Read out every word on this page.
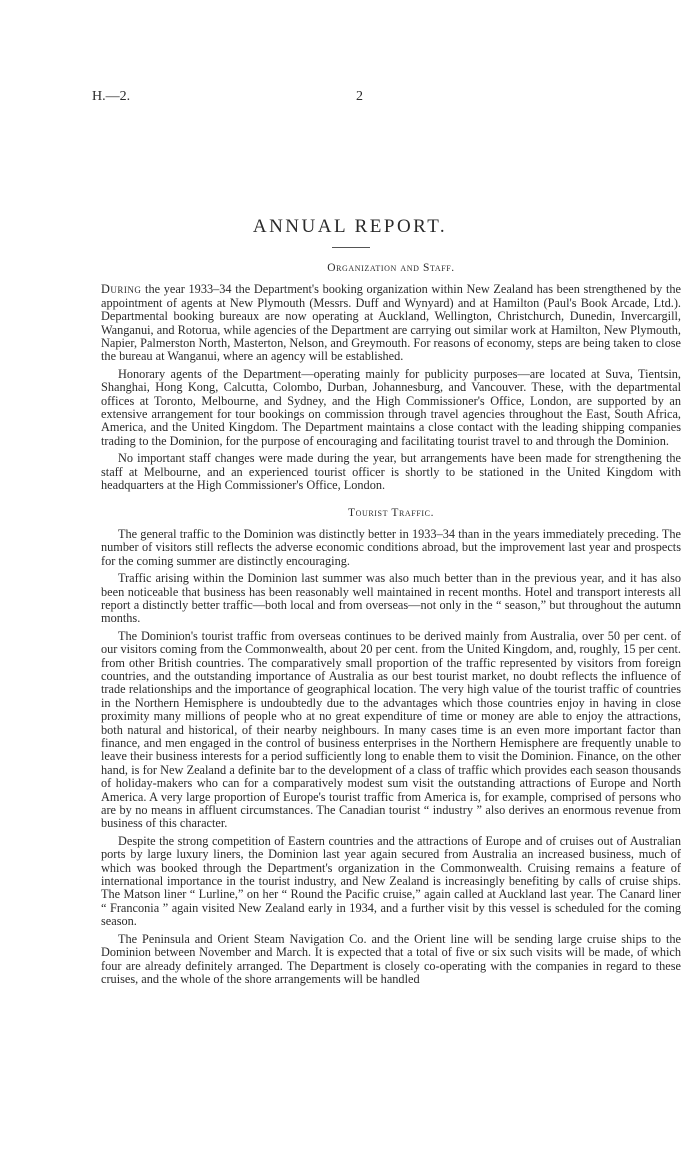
H.—2.	2
ANNUAL REPORT.
Organization and Staff.

During the year 1933–34 the Department's booking organization within New Zealand has been strengthened by the appointment of agents at New Plymouth (Messrs. Duff and Wynyard) and at Hamilton (Paul's Book Arcade, Ltd.). Departmental booking bureaux are now operating at Auckland, Wellington, Christchurch, Dunedin, Invercargill, Wanganui, and Rotorua, while agencies of the Department are carrying out similar work at Hamilton, New Plymouth, Napier, Palmerston North, Masterton, Nelson, and Greymouth. For reasons of economy, steps are being taken to close the bureau at Wanganui, where an agency will be established.

Honorary agents of the Department—operating mainly for publicity purposes—are located at Suva, Tientsin, Shanghai, Hong Kong, Calcutta, Colombo, Durban, Johannesburg, and Vancouver. These, with the departmental offices at Toronto, Melbourne, and Sydney, and the High Commissioner's Office, London, are supported by an extensive arrangement for tour bookings on commission through travel agencies throughout the East, South Africa, America, and the United Kingdom. The Department maintains a close contact with the leading shipping companies trading to the Dominion, for the purpose of encouraging and facilitating tourist travel to and through the Dominion.

No important staff changes were made during the year, but arrangements have been made for strengthening the staff at Melbourne, and an experienced tourist officer is shortly to be stationed in the United Kingdom with headquarters at the High Commissioner's Office, London.

Tourist Traffic.

The general traffic to the Dominion was distinctly better in 1933–34 than in the years immediately preceding. The number of visitors still reflects the adverse economic conditions abroad, but the improvement last year and prospects for the coming summer are distinctly encouraging.

Traffic arising within the Dominion last summer was also much better than in the previous year, and it has also been noticeable that business has been reasonably well maintained in recent months. Hotel and transport interests all report a distinctly better traffic—both local and from overseas—not only in the “ season,” but throughout the autumn months.

The Dominion's tourist traffic from overseas continues to be derived mainly from Australia, over 50 per cent. of our visitors coming from the Commonwealth, about 20 per cent. from the United Kingdom, and, roughly, 15 per cent. from other British countries. The comparatively small proportion of the traffic represented by visitors from foreign countries, and the outstanding importance of Australia as our best tourist market, no doubt reflects the influence of trade relationships and the importance of geographical location. The very high value of the tourist traffic of countries in the Northern Hemisphere is undoubtedly due to the advantages which those countries enjoy in having in close proximity many millions of people who at no great expenditure of time or money are able to enjoy the attractions, both natural and historical, of their nearby neighbours. In many cases time is an even more important factor than finance, and men engaged in the control of business enterprises in the Northern Hemisphere are frequently unable to leave their business interests for a period sufficiently long to enable them to visit the Dominion. Finance, on the other hand, is for New Zealand a definite bar to the development of a class of traffic which provides each season thousands of holiday-makers who can for a comparatively modest sum visit the outstanding attractions of Europe and North America. A very large proportion of Europe's tourist traffic from America is, for example, comprised of persons who are by no means in affluent circumstances. The Canadian tourist “ industry ” also derives an enormous revenue from business of this character.

Despite the strong competition of Eastern countries and the attractions of Europe and of cruises out of Australian ports by large luxury liners, the Dominion last year again secured from Australia an increased business, much of which was booked through the Department's organization in the Commonwealth. Cruising remains a feature of international importance in the tourist industry, and New Zealand is increasingly benefiting by calls of cruise ships. The Matson liner “ Lurline,” on her “ Round the Pacific cruise,” again called at Auckland last year. The Canard liner “ Franconia ” again visited New Zealand early in 1934, and a further visit by this vessel is scheduled for the coming season.

The Peninsula and Orient Steam Navigation Co. and the Orient line will be sending large cruise ships to the Dominion between November and March. It is expected that a total of five or six such visits will be made, of which four are already definitely arranged. The Department is closely co-operating with the companies in regard to these cruises, and the whole of the shore arrangements will be handled
